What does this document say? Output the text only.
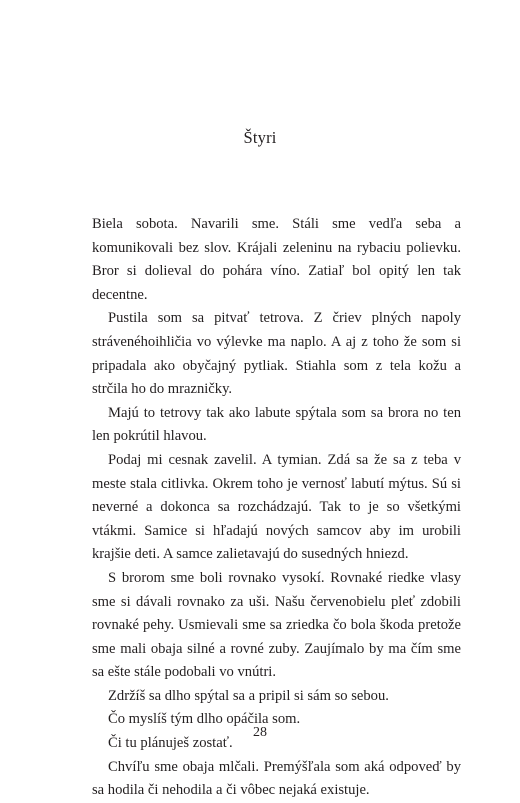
Štyri

Biela sobota. Navarili sme. Stáli sme vedľa seba a komunikovali bez slov. Krájali zeleninu na rybaciu polievku. Bror si dolieval do pohára víno. Zatiaľ bol opitý len tak decentne.

Pustila som sa pitvať tetrova. Z čriev plných napoly strávenéhoihličia vo výlevke ma naplo. A aj z toho že som si pripadala ako obyčajný pytliak. Stiahla som z tela kožu a strčila ho do mrazničky.

Majú to tetrovy tak ako labute spýtala som sa brora no ten len pokrútil hlavou.

Podaj mi cesnak zavelil. A tymian. Zdá sa že sa z teba v meste stala citlivka. Okrem toho je vernosť labutí mýtus. Sú si neverné a dokonca sa rozchádzajú. Tak to je so všetkými vtákmi. Samice si hľadajú nových samcov aby im urobili krajšie deti. A samce zalietavajú do susedných hniezd.

S brorom sme boli rovnako vysokí. Rovnaké riedke vlasy sme si dávali rovnako za uši. Našu červenobielu pleť zdobili rovnaké pehy. Usmievali sme sa zriedka čo bola škoda pretože sme mali obaja silné a rovné zuby. Zaujímalo by ma čím sme sa ešte stále podobali vo vnútri.

Zdržíš sa dlho spýtal sa a pripil si sám so sebou.

Čo myslíš tým dlho opáčila som.

Či tu plánuješ zostať.

Chvíľu sme obaja mlčali. Premýšľala som aká odpoveď by sa hodila či nehodila a či vôbec nejaká existuje.

28
